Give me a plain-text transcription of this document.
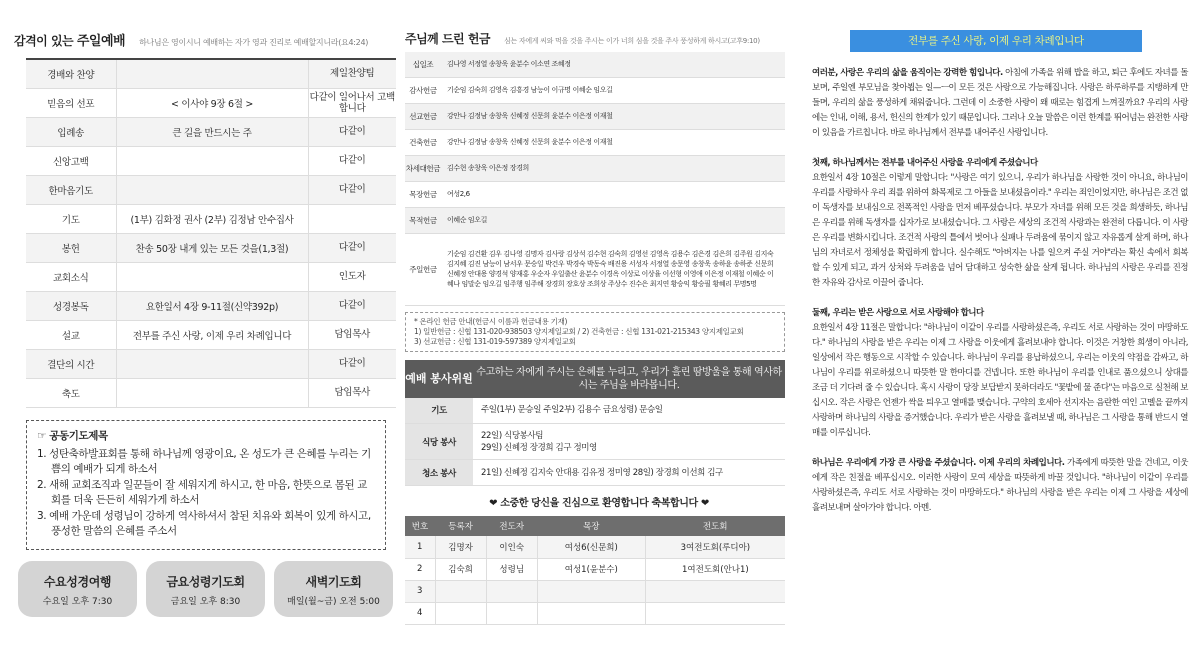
감격이 있는 주일예배 하나님은 영이시니 예배하는 자가 영과 진리로 예배할지니라(요4:24)
경배와 찬양		제일찬양팀
믿음의 선포	< 이사야 9장 6절 >	다같이 일어나서 고백합니다
입례송	큰 길을 만드시는 주	다같이
신앙고백		다같이
한마음기도		다같이
기도	(1부) 김화정 권사 (2부) 김정남 안수집사	
봉헌	찬송 50장 내게 있는 모든 것을(1,3절)	다같이
교회소식		인도자
성경봉독	요한일서 4장 9-11절(신약392p)	다같이
설교	전부를 주신 사랑, 이제 우리 차례입니다	담임목사
결단의 시간		다같이
축도		담임목사
☞ 공동기도제목
1. 성탄축하발표회를 통해 하나님께 영광이요, 온 성도가 큰 은혜를 누리는 기쁨의 예배가 되게 하소서
2. 새해 교회조직과 일꾼들이 잘 세워지게 하시고, 한 마음, 한뜻으로 몸된 교회를 더욱 든든히 세워가게 하소서
3. 예배 가운데 성령님이 강하게 역사하셔서 참된 치유와 회복이 있게 하시고, 풍성한 말씀의 은혜를 주소서
수요성경여행
수요일 오후 7:30
금요성령기도회
금요일 오후 8:30
새벽기도회
매일(월~금) 오전 5:00
주님께 드린 헌금 심는 자에게 씨와 먹을 것을 주시는 이가 너희 심을 것을 주사 풍성하게 하시고(고후9:10)
십일조	김나영 서정열 송창욱 윤분수 이소연 조혜정
감사헌금	기순임 김숙희 김영옥 김흥경 남능이 이규명 이혜순 임오길
선교헌금	강안나 김정남 송창욱 신혜정 신문희 윤분수 이은정 이재철
건축헌금	강안나 김정남 송창욱 신혜정 신문희 윤분수 이은정 이재철
차세대헌금	김수현 송창욱 이은정 장경희
목장헌금	여성2,6
목적헌금	이혜순 임오길
주일헌금	기순임 김건환 김우 김나영 김명자 김사랑 김상석 김수현 김숙희 김영선 김영옥 김용수 김은경 김은희 김주원 김지숙 김지혜 김진 남능이 남서우 문승일 박건우 박경숙 박동숙 배진용 서성자 서정열 송문영 송창욱 송하윤 송하준 신문희 신혜정 안대용 양경석 양재홍 우순자 우일출산 윤분수 이경옥 이상로 이상율 이선형 이영애 이은정 이재철 이혜순 이혜나 임말순 임오길 임주행 임주해 장경희 장호상 조희상 주상수 진수은 최지연 황승익 황승필 황혜리 무명5명
* 온라인 헌금 안내(헌금시 이름과 헌금내용 기재)
1) 일반헌금 : 신협 131-020-938503 양지제일교회 / 2) 건축헌금 : 신협 131-021-215343 양지제일교회
3) 선교헌금 : 신협 131-019-597389 양지제일교회
예배 봉사위원 수고하는 자에게 주시는 은혜를 누리고, 우리가 흘린 땀방울을 통해 역사하시는 주님을 바라봅니다.
기도	주일(1부) 문승일 주일2부) 김용수 금요성령) 문승일
식당 봉사	22일) 식당봉사팀
29일) 신혜정 장경희 김구 정미영
청소 봉사	21일) 신혜정 김지숙 안대용 김유정 정미영 28일) 장경희 이선희 김구
❤ 소중한 당신을 진심으로 환영합니다 축복합니다 ❤
번호	등록자	전도자	목장	전도회
1	김명자	이인숙	여성6(신문희)	3여전도회(루디아)
2	김숙희	성령님	여성1(윤분수)	1여전도회(안나1)
3				
4				
전부를 주신 사랑, 이제 우리 차례입니다

여러분, 사랑은 우리의 삶을 움직이는 강력한 힘입니다. 아침에 가족을 위해 밥을 하고, 퇴근 후에도 자녀를 돌보며, 주일엔 부모님을 찾아뵙는 일—ㅡ이 모든 것은 사랑으로 가능해집니다. 사랑은 하루하루를 지탱하게 만들며, 우리의 삶을 풍성하게 채워줍니다. 그런데 이 소중한 사랑이 왜 때로는 힘겹게 느껴질까요? 우리의 사랑에는 인내, 이해, 용서, 헌신의 한계가 있기 때문입니다. 그러나 오늘 말씀은 이런 한계를 뛰어넘는 완전한 사랑이 있음을 가르칩니다. 바로 하나님께서 전부를 내어주신 사랑입니다.

첫째, 하나님께서는 전부를 내어주신 사랑을 우리에게 주셨습니다

요한일서 4장 10절은 이렇게 말합니다: "사랑은 여기 있으니, 우리가 하나님을 사랑한 것이 아니요, 하나님이 우리를 사랑하사 우리 죄를 위하여 화목제로 그 아들을 보내셨음이라." 우리는 죄인이었지만, 하나님은 조건 없이 독생자를 보내심으로 전폭적인 사랑을 먼저 베푸셨습니다. 부모가 자녀를 위해 모든 것을 희생하듯, 하나님은 우리를 위해 독생자를 십자가로 보내셨습니다. 그 사랑은 세상의 조건적 사랑과는 완전히 다릅니다. 이 사랑은 우리를 변화시킵니다. 조건적 사랑의 틀에서 벗어나 실패나 두려움에 묶이지 않고 자유롭게 살게 하며, 하나님의 자녀로서 정체성을 확립하게 합니다. 실수해도 "아버지는 나를 일으켜 주실 거야"라는 확신 속에서 회복할 수 있게 되고, 과거 상처와 두려움을 넘어 담대하고 성숙한 삶을 살게 됩니다. 하나님의 사랑은 우리를 진정한 자유와 감사로 이끌어 줍니다.

둘째, 우리는 받은 사랑으로 서로 사랑해야 합니다

요한일서 4장 11절은 말합니다: "하나님이 이같이 우리를 사랑하셨은즉, 우리도 서로 사랑하는 것이 마땅하도다." 하나님의 사랑을 받은 우리는 이제 그 사랑을 이웃에게 흘려보내야 합니다. 이것은 거창한 희생이 아니라, 일상에서 작은 행동으로 시작할 수 있습니다. 하나님이 우리를 용납하셨으니, 우리는 이웃의 약점을 감싸고, 하나님이 우리를 위로하셨으니 따뜻한 말 한마디를 건넵니다. 또한 하나님이 우리를 인내로 품으셨으니 상대를 조금 더 기다려 줄 수 있습니다. 혹시 사랑이 당장 보답받지 못하더라도 "꽃밭에 물 준다"는 마음으로 실천해 보십시오. 작은 사랑은 언젠가 싹을 틔우고 열매를 맺습니다. 구약의 호세아 선지자는 음란한 여인 고멜을 끝까지 사랑하며 하나님의 사랑을 증거했습니다. 우리가 받은 사랑을 흘려보낼 때, 하나님은 그 사랑을 통해 반드시 열매를 이루십니다.

하나님은 우리에게 가장 큰 사랑을 주셨습니다. 이제 우리의 차례입니다. 가족에게 따뜻한 말을 건네고, 이웃에게 작은 친절을 베푸십시오. 이러한 사랑이 모여 세상을 따뜻하게 바꿀 것입니다. "하나님이 이같이 우리를 사랑하셨은즉, 우리도 서로 사랑하는 것이 마땅하도다." 하나님의 사랑을 받은 우리는 이제 그 사랑을 세상에 흘려보내며 살아가야 합니다. 아멘.
